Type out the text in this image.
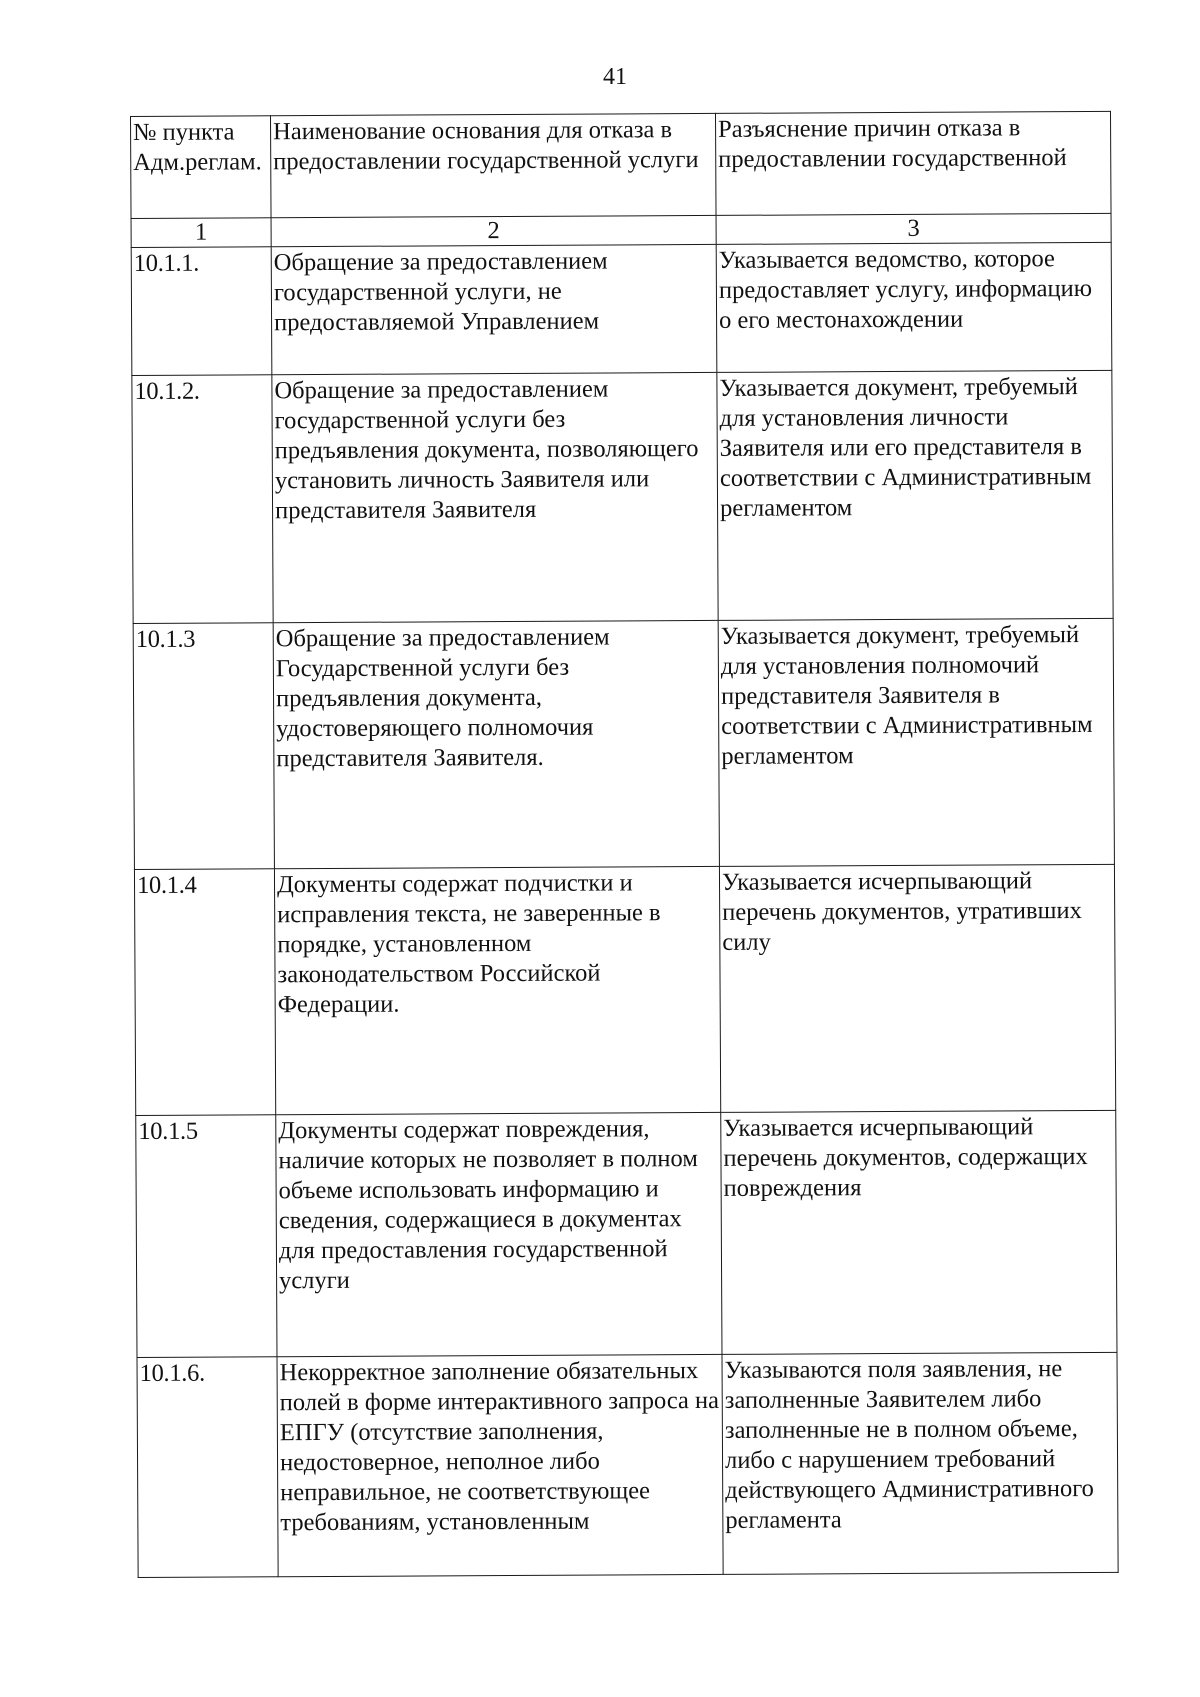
41
№ пункта Адм.реглам.	Наименование основания для отказа в предоставлении государственной услуги	Разъяснение причин отказа в предоставлении государственной
1	2	3
10.1.1.	Обращение за предоставлением государственной услуги, не предоставляемой Управлением	Указывается ведомство, которое предоставляет услугу, информацию о его местонахождении
10.1.2.	Обращение за предоставлением государственной услуги без предъявления документа, позволяющего установить личность Заявителя или представителя Заявителя	Указывается документ, требуемый для установления личности Заявителя или его представителя в соответствии с Административным регламентом
10.1.3	Обращение за предоставлением Государственной услуги без предъявления документа, удостоверяющего полномочия представителя Заявителя.	Указывается документ, требуемый для установления полномочий представителя Заявителя в соответствии с Административным регламентом
10.1.4	Документы содержат подчистки и исправления текста, не заверенные в порядке, установленном законодательством Российской Федерации.	Указывается исчерпывающий перечень документов, утративших силу
10.1.5	Документы содержат повреждения, наличие которых не позволяет в полном объеме использовать информацию и сведения, содержащиеся в документах для предоставления государственной услуги	Указывается исчерпывающий перечень документов, содержащих повреждения
10.1.6.	Некорректное заполнение обязательных полей в форме интерактивного запроса на ЕПГУ (отсутствие заполнения, недостоверное, неполное либо неправильное, не соответствующее требованиям, установленным	Указываются поля заявления, не заполненные Заявителем либо заполненные не в полном объеме, либо с нарушением требований действующего Административного регламента
